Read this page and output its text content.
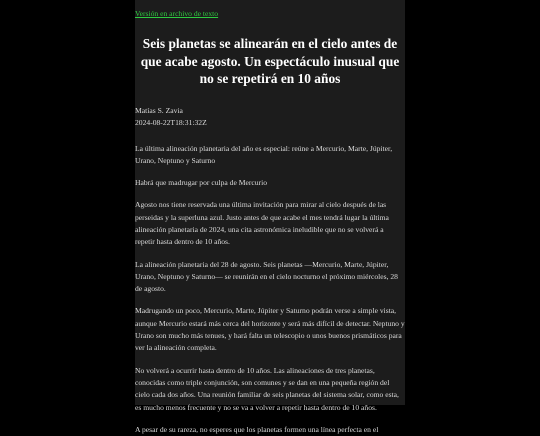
Versión en archivo de texto
Seis planetas se alinearán en el cielo antes de que acabe agosto. Un espectáculo inusual que no se repetirá en 10 años
Matías S. Zavia
2024-08-22T18:31:32Z

La última alineación planetaria del año es especial: reúne a Mercurio, Marte, Júpiter, Urano, Neptuno y Saturno

Habrá que madrugar por culpa de Mercurio

Agosto nos tiene reservada una última invitación para mirar al cielo después de las perseidas y la superluna azul. Justo antes de que acabe el mes tendrá lugar la última alineación planetaria de 2024, una cita astronómica ineludible que no se volverá a repetir hasta dentro de 10 años.

La alineación planetaria del 28 de agosto. Seis planetas —Mercurio, Marte, Júpiter, Urano, Neptuno y Saturno— se reunirán en el cielo nocturno el próximo miércoles, 28 de agosto.

Madrugando un poco, Mercurio, Marte, Júpiter y Saturno podrán verse a simple vista, aunque Mercurio estará más cerca del horizonte y será más difícil de detectar. Neptuno y Urano son mucho más tenues, y hará falta un telescopio o unos buenos prismáticos para ver la alineación completa.

No volverá a ocurrir hasta dentro de 10 años. Las alineaciones de tres planetas, conocidas como triple conjunción, son comunes y se dan en una pequeña región del cielo cada dos años. Una reunión familiar de seis planetas del sistema solar, como esta, es mucho menos frecuente y no se va a volver a repetir hasta dentro de 10 años.

A pesar de su rareza, no esperes que los planetas formen una línea perfecta en el
